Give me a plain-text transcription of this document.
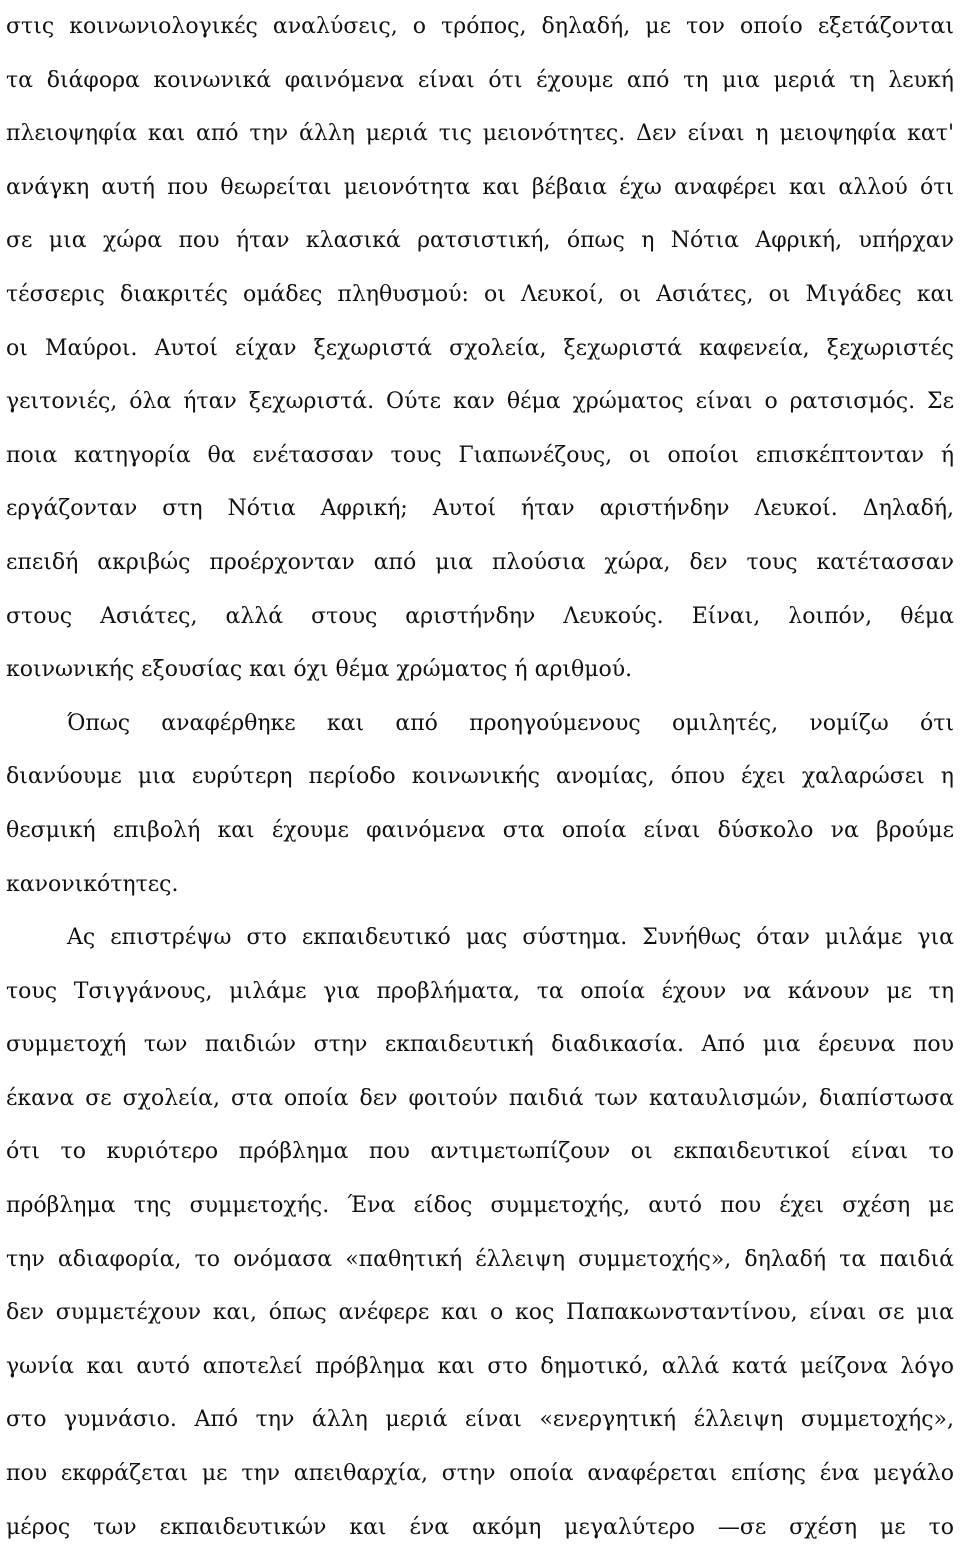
στις κοινωνιολογικές αναλύσεις, ο τρόπος, δηλαδή, με τον οποίο εξετάζονται
τα διάφορα κοινωνικά φαινόμενα είναι ότι έχουμε από τη μια μεριά τη λευκή
πλειοψηφία και από την άλλη μεριά τις μειονότητες. Δεν είναι η μειοψηφία κατ'
ανάγκη αυτή που θεωρείται μειονότητα και βέβαια έχω αναφέρει και αλλού ότι
σε μια χώρα που ήταν κλασικά ρατσιστική, όπως η Νότια Αφρική, υπήρχαν
τέσσερις διακριτές ομάδες πληθυσμού: οι Λευκοί, οι Ασιάτες, οι Μιγάδες και
οι Μαύροι. Αυτοί είχαν ξεχωριστά σχολεία, ξεχωριστά καφενεία, ξεχωριστές
γειτονιές, όλα ήταν ξεχωριστά. Ούτε καν θέμα χρώματος είναι ο ρατσισμός. Σε
ποια κατηγορία θα ενέτασσαν τους Γιαπωνέζους, οι οποίοι επισκέπτονταν ή
εργάζονταν στη Νότια Αφρική; Αυτοί ήταν αριστήνδην Λευκοί. Δηλαδή,
επειδή ακριβώς προέρχονταν από μια πλούσια χώρα, δεν τους κατέτασσαν
στους Ασιάτες, αλλά στους αριστήνδην Λευκούς. Είναι, λοιπόν, θέμα
κοινωνικής εξουσίας και όχι θέμα χρώματος ή αριθμού.
Όπως αναφέρθηκε και από προηγούμενους ομιλητές, νομίζω ότι
διανύουμε μια ευρύτερη περίοδο κοινωνικής ανομίας, όπου έχει χαλαρώσει η
θεσμική επιβολή και έχουμε φαινόμενα στα οποία είναι δύσκολο να βρούμε
κανονικότητες.
Ας επιστρέψω στο εκπαιδευτικό μας σύστημα. Συνήθως όταν μιλάμε για
τους Τσιγγάνους, μιλάμε για προβλήματα, τα οποία έχουν να κάνουν με τη
συμμετοχή των παιδιών στην εκπαιδευτική διαδικασία. Από μια έρευνα που
έκανα σε σχολεία, στα οποία δεν φοιτούν παιδιά των καταυλισμών, διαπίστωσα
ότι το κυριότερο πρόβλημα που αντιμετωπίζουν οι εκπαιδευτικοί είναι το
πρόβλημα της συμμετοχής. Ένα είδος συμμετοχής, αυτό που έχει σχέση με
την αδιαφορία, το ονόμασα «παθητική έλλειψη συμμετοχής», δηλαδή τα παιδιά
δεν συμμετέχουν και, όπως ανέφερε και ο κος Παπακωνσταντίνου, είναι σε μια
γωνία και αυτό αποτελεί πρόβλημα και στο δημοτικό, αλλά κατά μείζονα λόγο
στο γυμνάσιο. Από την άλλη μεριά είναι «ενεργητική έλλειψη συμμετοχής»,
που εκφράζεται με την απειθαρχία, στην οποία αναφέρεται επίσης ένα μεγάλο
μέρος των εκπαιδευτικών και ένα ακόμη μεγαλύτερο —σε σχέση με το
